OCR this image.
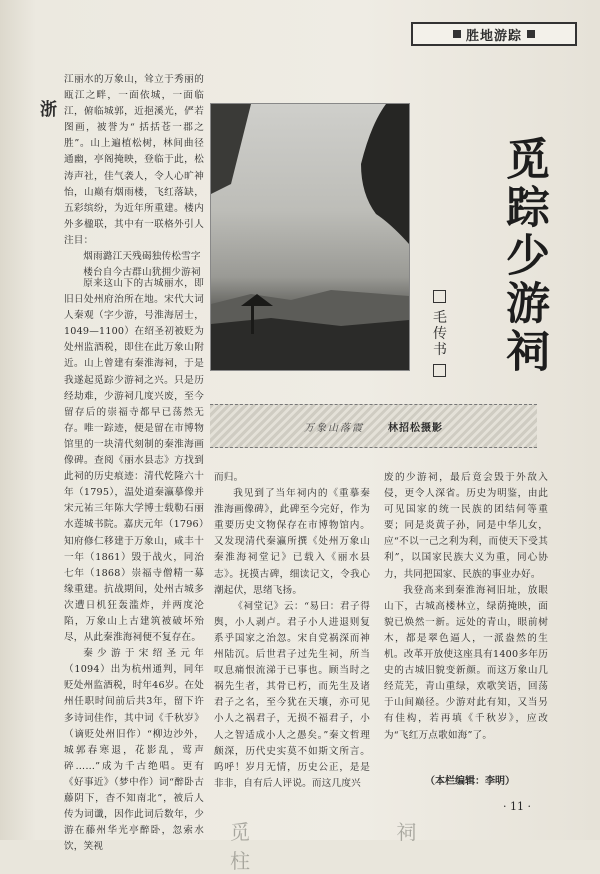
胜地游踪
浙

江丽水的万象山，耸立于秀丽的瓯江之畔，一面依城，一面临江，俯临城郭，近挹溪光，俨若图画，被誉为“ 括括苍一郡之胜”。山上遍植松树，林间曲径通幽，亭阁掩映，登临于此，松涛声社，佳气袭人，令人心旷神怡，山巅有烟雨楼，飞红落缺，五彩缤纷，为近年所重建。楼内外多楹联，其中有一联格外引人注目：

烟雨潞江天残碣独传松雪字

楼台自今古群山犹拥少游祠

原来这山下的古城丽水，即旧日处州府治所在地。宋代大词人秦观（字少游，号淮海居士，1049—1100）在绍圣初被贬为处州监酒税，即住在此万象山附近。山上曾建有秦淮海祠，于是我遂起觅踪少游祠之兴。只是历经劫难，少游祠几度兴废，至今留存后的崇福寺都早已荡然无存。唯一踪迹，便是留在市博物馆里的一块清代刻制的秦淮海画像碑。查阅《丽水县志》方找到此祠的历史痕迹：清代乾隆六十年（1795），温处道秦瀛摹像并宋元祐三年陈大学博士载勒石丽水莲城书院。嘉庆元年（1796）知府修仁移建于万象山，咸丰十一年（1861）毁于战火，同治七年（1868）崇福寺僧精一募缘重建。抗战期间，处州古城多次遭日机狂轰滥炸，并两度沦陷，万象山上古建筑被破坏殆尽，从此秦淮海祠便不复存在。

秦少游于宋绍圣元年（1094）出为杭州通判，同年贬处州监酒税，时年46岁。在处州任职时间前后共3年，留下许多诗词佳作，其中词《千秋岁》（谪贬处州旧作）“柳边沙外，城郭春寒退，花影乱，莺声碎……”成为千古绝唱。更有《好事近》（梦中作）词“醉卧古藤阴下，杳不知南北”，被后人传为词谶，因作此词后数年，少游在藤州华光亭醉卧，忽索水饮，笑视

万象山落霞 林招松摄影
觅踪少游祠
毛传书

而归。

我见到了当年祠内的《重摹秦淮海画像碑》，此碑至今完好，作为重要历史文物保存在市博物馆内。又发现清代秦瀛所撰《处州万象山秦淮海祠堂记》已载入《丽水县志》。抚摸古碑，细读记文，令我心潮起伏，思绪飞扬。

《祠堂记》云：“易曰：君子得舆，小人剥卢。君子小人进退则复系乎国家之治忽。宋自党祸深而神州陆沉。后世君子过先生祠，所当叹息痛恨流涕于已事也。顾当时之祸先生者，其骨已朽，而先生及诸君子之名，至今犹在天壤，亦可见小人之祸君子，无损不福君子，小人之智适成小人之愚矣。”秦文哲理颇深，历代史实莫不如斯文所言。呜呼！岁月无情，历史公正，是是非非，自有后人评说。而这几度兴

废的少游祠，最后竟会毁于外敌入侵，更令人深省。历史为明鉴，由此可见国家的统一民族的团结何等重要；同是炎黄子孙，同是中华儿女，应“不以一己之利为利，而使天下受其利”，以国家民族大义为重，同心协力，共同把国家、民族的事业办好。

我登高来到秦淮海祠旧址，放眼山下，古城高楼林立，绿荫掩映，面貌已焕然一新。远处的青山，眼前树木，都是翠色逼人，一派盎然的生机。改革开放使这座具有1400多年历史的古城旧貌变新颜。而这万象山几经荒芜，青山重绿，欢歌笑语，回荡于山间巅径。少游对此有知，又当另有佳构，若再填《千秋岁》，应改为“飞红万点歌如海”了。

（本栏编辑：李明）
· 11 ·
觅 祠 柱
